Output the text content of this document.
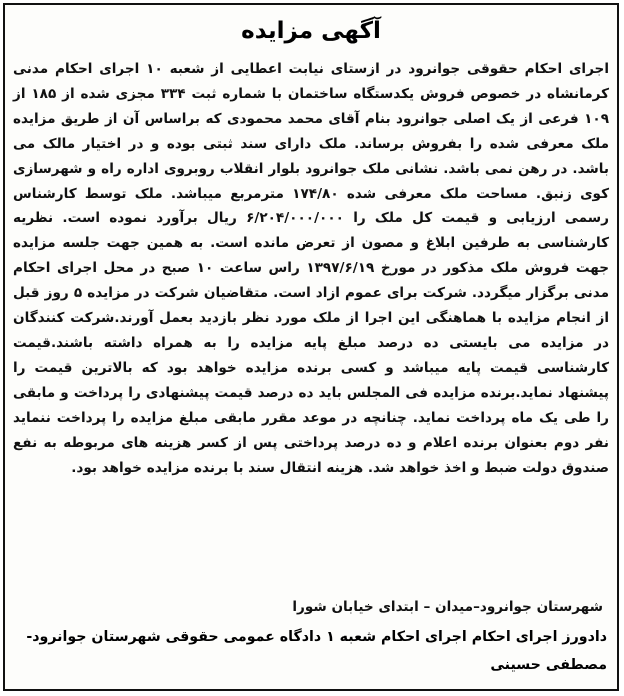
آگهی مزایده

اجرای احکام حقوقی جوانرود در ازستای نیابت اعطایی از شعبه ۱۰ اجرای احکام مدنی کرمانشاه در خصوص فروش یکدستگاه ساختمان با شماره ثبت ۳۳۴ مجزی شده از ۱۸۵ از ۱۰۹ فرعی از یک اصلی جوانرود بنام آقای محمد محمودی که براساس آن از طریق مزایده ملک معرفی شده را بفروش برساند. ملک دارای سند ثبتی بوده و در اختیار مالک می باشد. در رهن نمی باشد. نشانی ملک جوانرود بلوار انقلاب روبروی اداره راه و شهرسازی کوی زنبق. مساحت ملک معرفی شده ۱۷۴/۸۰ مترمربع میباشد. ملک توسط کارشناس رسمی ارزیابی و قیمت کل ملک را ۶/۲۰۴/۰۰۰/۰۰۰ ریال برآورد نموده است. نظریه کارشناسی به طرفین ابلاغ و مصون از تعرض مانده است. به همین جهت جلسه مزایده جهت فروش ملک مذکور در مورخ ۱۳۹۷/۶/۱۹ راس ساعت ۱۰ صبح در محل اجرای احکام مدنی برگزار میگردد. شرکت برای عموم ازاد است. متقاضیان شرکت در مزایده ۵ روز قبل از انجام مزایده با هماهنگی این اجرا از ملک مورد نظر بازدید بعمل آورند.شرکت کنندگان در مزایده می بایستی ده درصد مبلغ پایه مزایده را به همراه داشته باشند.قیمت کارشناسی قیمت پایه میباشد و کسی برنده مزایده خواهد بود که بالاترین قیمت را پیشنهاد نماید.برنده مزایده فی المجلس باید ده درصد قیمت پیشنهادی را پرداخت و مابقی را طی یک ماه پرداخت نماید. چنانچه در موعد مقرر مابقی مبلغ مزایده را پرداخت ننماید نفر دوم بعنوان برنده اعلام و ده درصد پرداختی پس از کسر هزینه های مربوطه به نفع صندوق دولت ضبط و اخذ خواهد شد. هزینه انتقال سند با برنده مزایده خواهد بود.

شهرستان جوانرود–میدان – ابتدای خیابان شورا
دادورز اجرای احکام اجرای احکام شعبه ۱ دادگاه عمومی حقوقی شهرستان جوانرود-
مصطفی حسینی
